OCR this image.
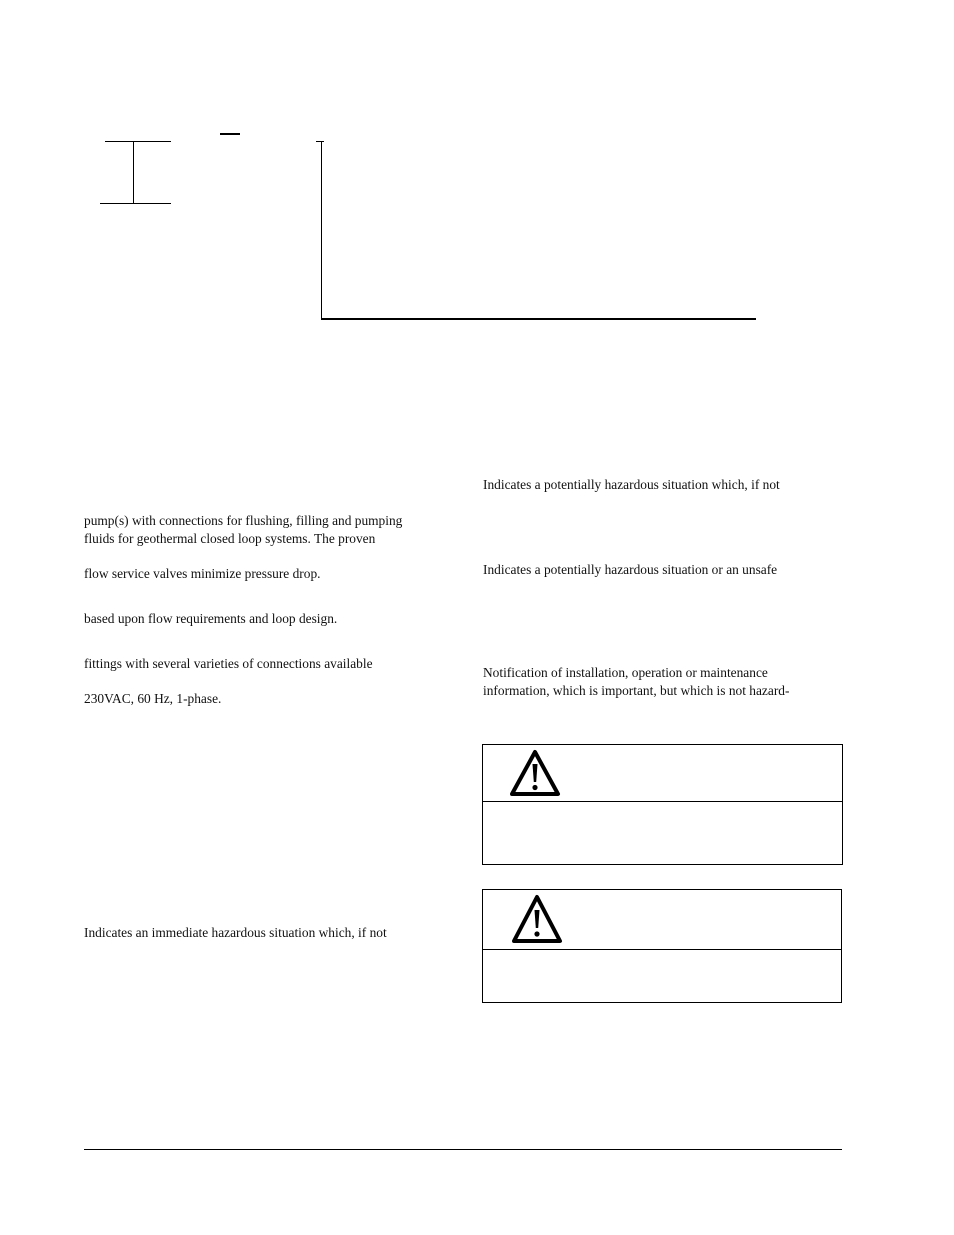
pump(s) with connections for flushing, filling and pumping
fluids for geothermal closed loop systems. The proven
flow service valves minimize pressure drop.
based upon flow requirements and loop design.
fittings with several varieties of connections available
230VAC, 60 Hz, 1-phase.
Indicates an immediate hazardous situation which, if not
Indicates a potentially hazardous situation which, if not
Indicates a potentially hazardous situation or an unsafe
Notification of installation, operation or maintenance
information, which is important, but which is not hazard-
